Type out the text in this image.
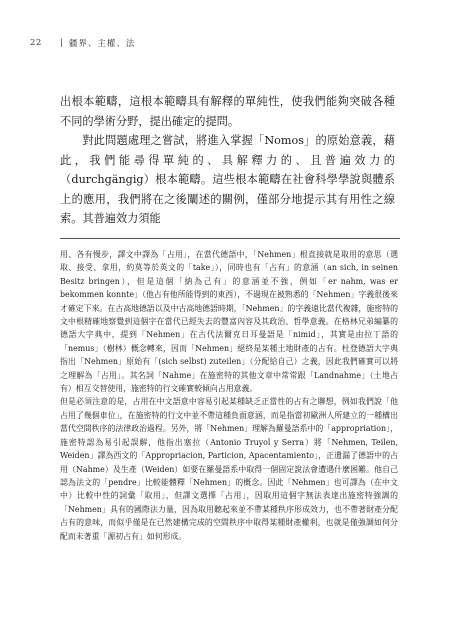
22	| 疆界、主權、法

出根本範疇，這根本範疇具有解釋的單純性，使我們能夠突破各種不同的學術分野，提出確定的提問。

對此問題處理之嘗試，將進入掌握「Nomos」的原始意義，藉此，我們能尋得單純的、具解釋力的、且普遍效力的（durchgängig）根本範疇。這些根本範疇在社會科學學說與體系上的應用，我們將在之後闡述的關例，僅部分地提示其有用性之線索。其普遍效力須能

用、各有慢步，譯文中譯為「占用」，在當代德語中，「Nehmen」根直接就是取用的意思（選取、接受、拿用，約莫等於英文的「take」），同時也有「占有」的意涵（an sich, in seinen Besitz bringen），但是這個「納為己有」的意涵並不強，例如「er nahm, was er bekommen konnte」（他占有他所能得到的東西），不過現在被熟悉的「Nehmen」字義很後來才確定下來。在古高地德語以及中古高地德語時期，「Nehmen」的字義遠比當代複雜，施密特的文中根精確地察覺到這個字在當代已經失去的豐富內容及其政治、哲學意義。在格林兄弟編纂的德語大字典中，提到「Nehmen」在古代法爾克日耳曼語是「nimid」，其實是由拉丁語的「nemus」（樹林）概念轉來，因而「Nehmen」絕終是某種土地財產的占有。杜登德語大字典指出「Nehmen」原始有「(sich selbst) zuteilen」（分配給自己）之義，因此我們確實可以將之理解為「占用」。其名詞「Nahme」在施密特的其他文章中常常跟「Landnahme」（土地占有）相互交替使用，施密特的行文確實較傾向占用意義。

但是必須注意的是，占用在中文語意中容易引起某種缺乏正當性的占有之聯想，例如我們說「他占用了幾個車位」，在施密特的行文中並不帶這種負面意涵，而是指當初歐洲人所建立的一種構出當代空間秩序的法律政治過程。另外，將「Nehmen」理解為羅曼語系中的「appropriation」，施密特認為易引起誤解，他指出塞拉（Antonio Truyol y Serra）將「Nehmen, Teilen, Weiden」譯為西文的「Appropriacion, Particion, Apacentamiento」，正遺漏了德語中的占用（Nahme）及生產（Weiden）如要在羅曼語系中取得一個固定說法會遭遇什麼困難。他自己認為法文的「pendre」比較能體釋「Nehmen」的概念。因此「Nehmen」也可譯為（在中文中）比較中性的詞彙「取用」，但譯文選擇「占用」，因取用這個字無法表達出施密特強調的「Nehmen」具有的國際法力量，因為取用聽起來並不帶某種秩序形成效力，也不帶著財產分配占有的意味，而似乎僅是在已然建構完成的空間秩序中取得某種財產權利，也就是僅強調如何分配而未著重「源初占有」如何形成。
